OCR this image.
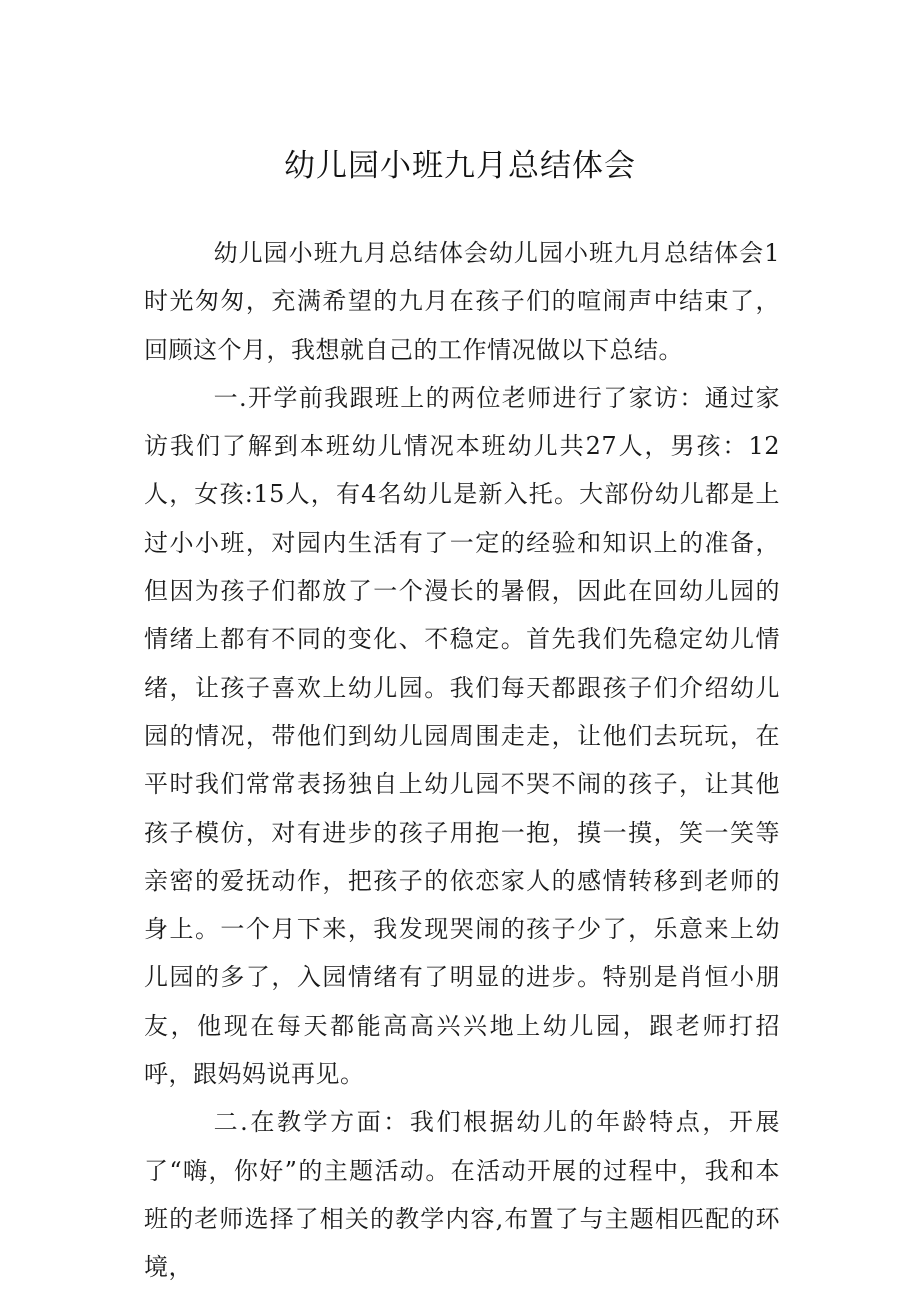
幼儿园小班九月总结体会

幼儿园小班九月总结体会幼儿园小班九月总结体会1时光匆匆，充满希望的九月在孩子们的喧闹声中结束了，回顾这个月，我想就自己的工作情况做以下总结。

一.开学前我跟班上的两位老师进行了家访：通过家访我们了解到本班幼儿情况本班幼儿共27人，男孩：12人，女孩:15人，有4名幼儿是新入托。大部份幼儿都是上过小小班，对园内生活有了一定的经验和知识上的准备，但因为孩子们都放了一个漫长的暑假，因此在回幼儿园的情绪上都有不同的变化、不稳定。首先我们先稳定幼儿情绪，让孩子喜欢上幼儿园。我们每天都跟孩子们介绍幼儿园的情况，带他们到幼儿园周围走走，让他们去玩玩，在平时我们常常表扬独自上幼儿园不哭不闹的孩子，让其他孩子模仿，对有进步的孩子用抱一抱，摸一摸，笑一笑等亲密的爱抚动作，把孩子的依恋家人的感情转移到老师的身上。一个月下来，我发现哭闹的孩子少了，乐意来上幼儿园的多了，入园情绪有了明显的进步。特别是肖恒小朋友，他现在每天都能高高兴兴地上幼儿园，跟老师打招呼，跟妈妈说再见。

二.在教学方面：我们根据幼儿的年龄特点，开展了“嗨，你好”的主题活动。在活动开展的过程中，我和本班的老师选择了相关的教学内容,布置了与主题相匹配的环境，
